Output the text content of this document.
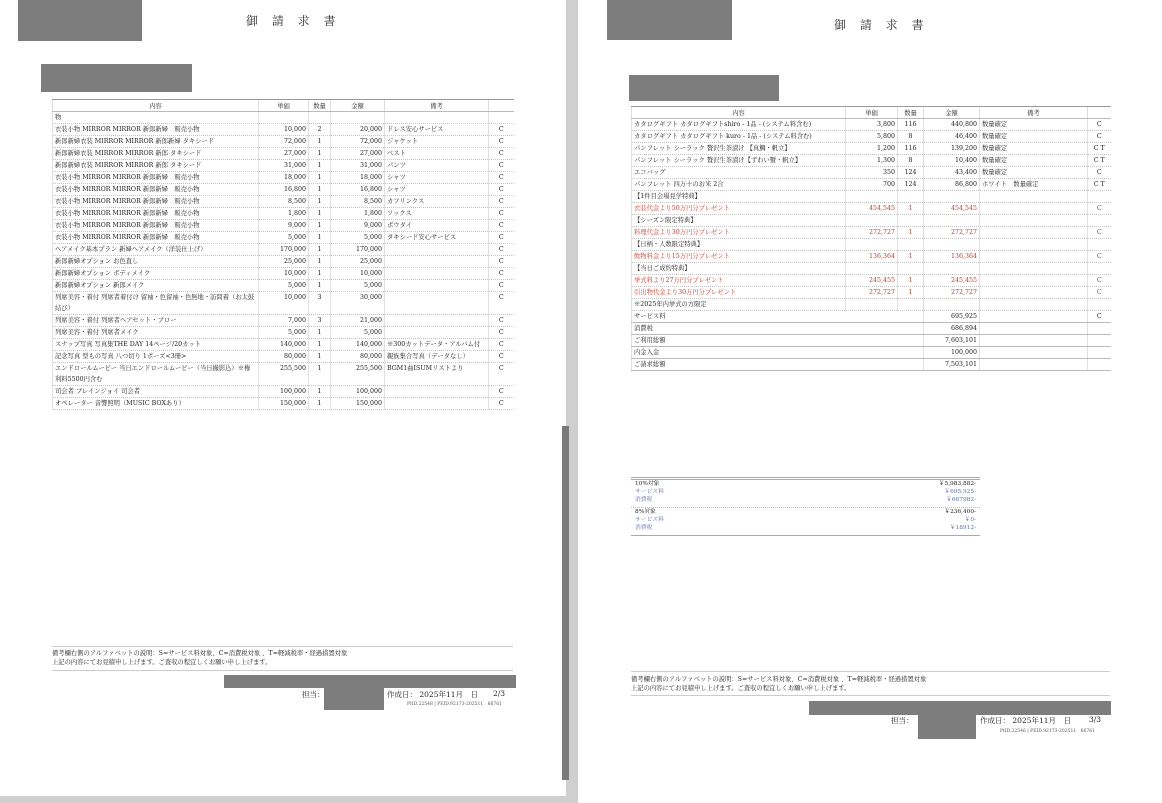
御 請 求 書
内容	単価	数量	金額	備考	
物					
衣装小物 MIRROR MIRROR 新郎新婦　販売小物	10,000	2	20,000	ドレス安心サービス	C
新郎新婦衣装 MIRROR MIRROR 新郎新婦 タキシード	72,000	1	72,000	ジャケット	C
新郎新婦衣装 MIRROR MIRROR 新郎 タキシード	27,000	1	27,000	ベスト	C
新郎新婦衣装 MIRROR MIRROR 新郎 タキシード	31,000	1	31,000	パンツ	C
衣装小物 MIRROR MIRROR 新郎新婦　販売小物	18,000	1	18,000	シャツ	C
衣装小物 MIRROR MIRROR 新郎新婦　販売小物	16,800	1	16,800	シャツ	C
衣装小物 MIRROR MIRROR 新郎新婦　販売小物	8,500	1	8,500	カフリンクス	C
衣装小物 MIRROR MIRROR 新郎新婦　販売小物	1,800	1	1,800	ソックス	C
衣装小物 MIRROR MIRROR 新郎新婦　販売小物	9,000	1	9,000	ボウタイ	C
衣装小物 MIRROR MIRROR 新郎新婦　販売小物	5,000	1	5,000	タキシード安心サービス	C
ヘアメイク基本プラン 新婦ヘアメイク（洋装仕上げ）	170,000	1	170,000		C
新郎新婦オプション お色直し	25,000	1	25,000		C
新郎新婦オプション ボディメイク	10,000	1	10,000		C
新郎新婦オプション 新郎メイク	5,000	1	5,000		C
列席美容・着付 列席者着付け 留袖・色留袖・色無地・訪問着（お太鼓結び）	10,000	3	30,000		C
列席美容・着付 列席者ヘアセット・ブロー	7,000	3	21,000		C
列席美容・着付 列席者メイク	5,000	1	5,000		C
スナップ写真 写真集THE DAY 14ページ/20カット	140,000	1	140,000	※300カットデータ・アルバム付	C
記念写真 型もの写真 八つ切り 1ポーズ<3冊>	80,000	1	80,000	親族集合写真（データなし）	C
エンドロールムービー 当日エンドロールムービー（当日撮影込）※権利料5500円含む	255,500	1	255,500	BGM1曲ISUMリストより	C
司会者 ブレインジョイ 司会者	100,000	1	100,000		C
オペレーター 音響照明（MUSIC BOXあり）	150,000	1	150,000		C
備考欄右側のアルファベットの説明：S=サービス料対象、C=消費税対象 、T=軽減税率・経過措置対象
上記の内容にてお見積申し上げます。ご査収の程宜しくお願い申し上げます。
担当：	作成日： 2025年11月　日 2/3
PtID.22548 | PEID.92173-202511　66761
御 請 求 書
内容	単価	数量	金額	備考	
カタログギフト カタログギフトshiro - 1品 - (システム料含む)	3,800	116	440,800	数量確定	C
カタログギフト カタログギフト kuro - 1品 - (システム料含む)	5,800	8	46,400	数量確定	C
パンフレット シーラック 贅沢生茶漬け 【真鯛・帆立】	1,200	116	139,200	数量確定	C T
パンフレット シーラック 贅沢生茶漬け【ずわい蟹・帆立】	1,300	8	10,400	数量確定	C T
エコバッグ	350	124	43,400	数量確定	C
パンフレット 四万十のお米 2合	700	124	86,800	ホワイト　数量確定	C T
【1件目会場見学特典】					
衣装代金より50万円分プレゼント	454,545	1	454,545		C
【シーズン限定特典】					
料理代金より30万円分プレゼント	272,727	1	272,727		C
【日柄・人数限定特典】					
飲物料金より15万円分プレゼント	136,364	1	136,364		C
【当日ご成約特典】					
挙式料より27万円分プレゼント	245,455	1	245,455		C
引出物代金より30万円分プレゼント	272,727	1	272,727		C
※2025年内挙式の方限定					
サービス料			695,925		C
消費税			686,894		
ご利用総額			7,603,101		
内金入金			100,000		
ご請求総額			7,503,101		
10%対象	￥5,983,882-
サービス料	￥695,925-
消費税	￥667982-
8%対象	￥236,400-
サービス料	￥0-
消費税	￥18912-
備考欄右側のアルファベットの説明：S=サービス料対象、C=消費税対象 、T=軽減税率・経過措置対象
上記の内容にてお見積申し上げます。ご査収の程宜しくお願い申し上げます。
担当：	作成日： 2025年11月　日 3/3
PtID.22546 | PEID.92173-202511　66761
